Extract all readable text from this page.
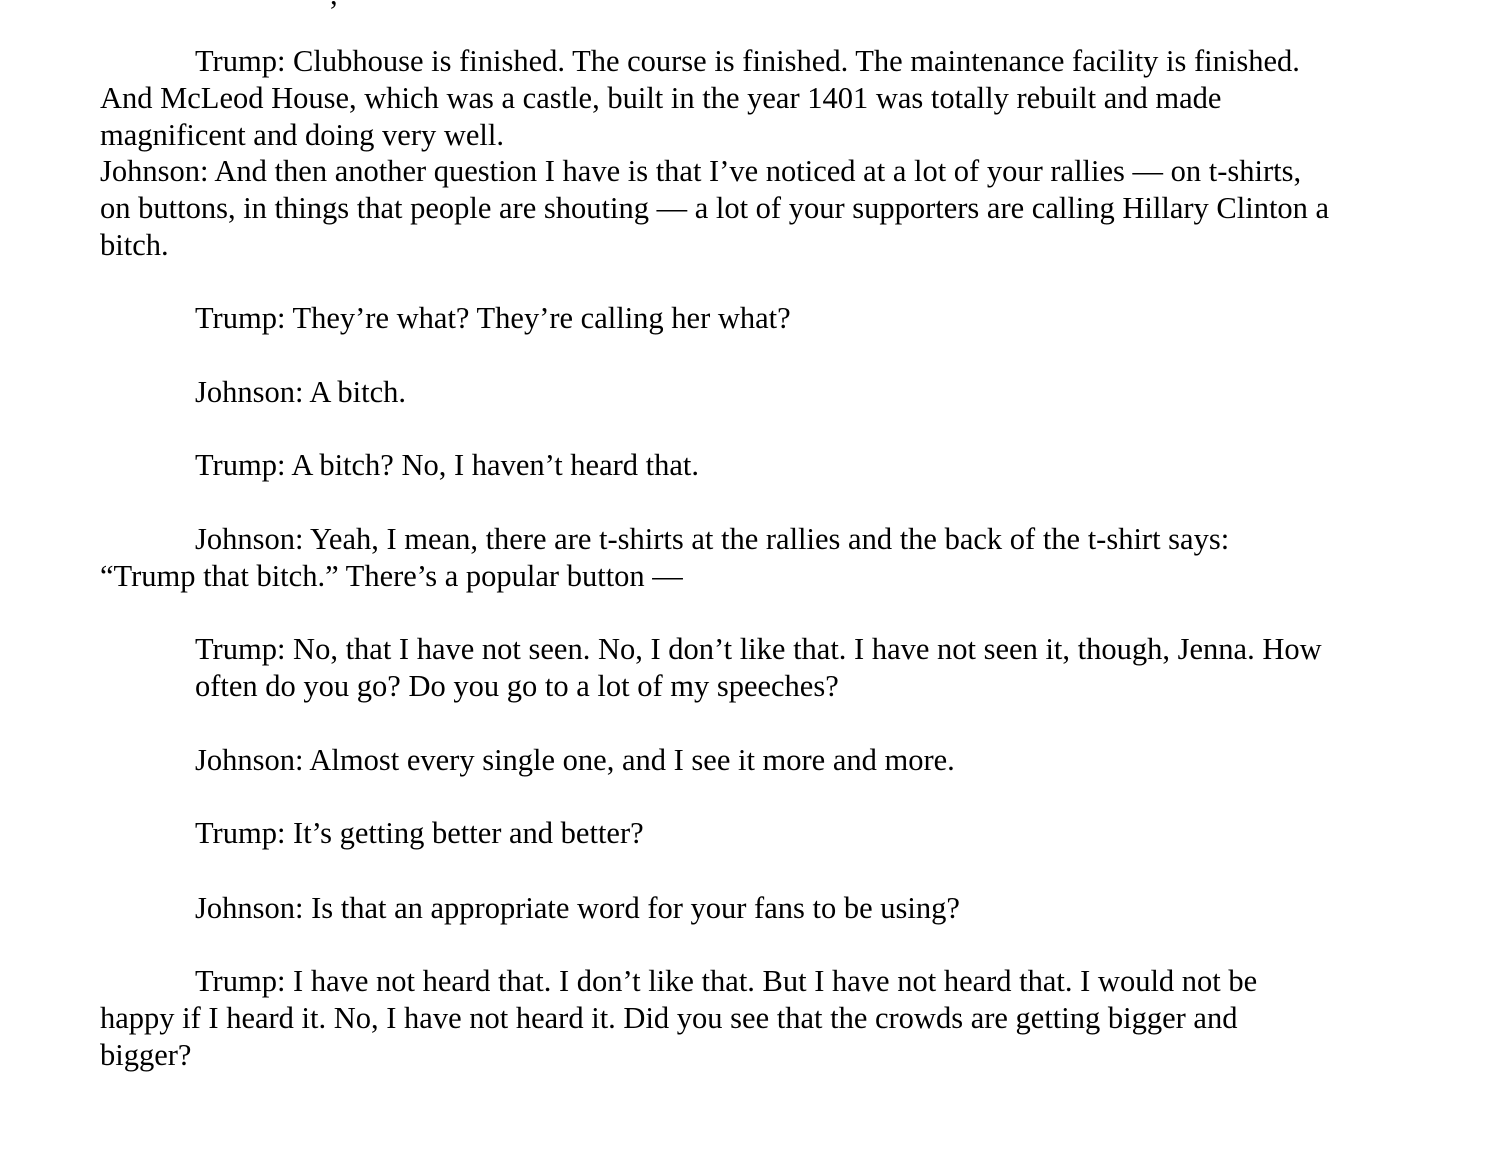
Trump: Clubhouse is finished. The course is finished. The maintenance facility is finished. And McLeod House, which was a castle, built in the year 1401 was totally rebuilt and made magnificent and doing very well.

Johnson: And then another question I have is that I’ve noticed at a lot of your rallies — on t-shirts, on buttons, in things that people are shouting — a lot of your supporters are calling Hillary Clinton a bitch.

Trump: They’re what? They’re calling her what?

Johnson: A bitch.

Trump: A bitch? No, I haven’t heard that.

Johnson: Yeah, I mean, there are t-shirts at the rallies and the back of the t-shirt says: “Trump that bitch.” There’s a popular button —

Trump: No, that I have not seen. No, I don’t like that. I have not seen it, though, Jenna. How often do you go? Do you go to a lot of my speeches?

Johnson: Almost every single one, and I see it more and more.

Trump: It’s getting better and better?

Johnson: Is that an appropriate word for your fans to be using?

Trump: I have not heard that. I don’t like that. But I have not heard that. I would not be happy if I heard it. No, I have not heard it. Did you see that the crowds are getting bigger and bigger?
